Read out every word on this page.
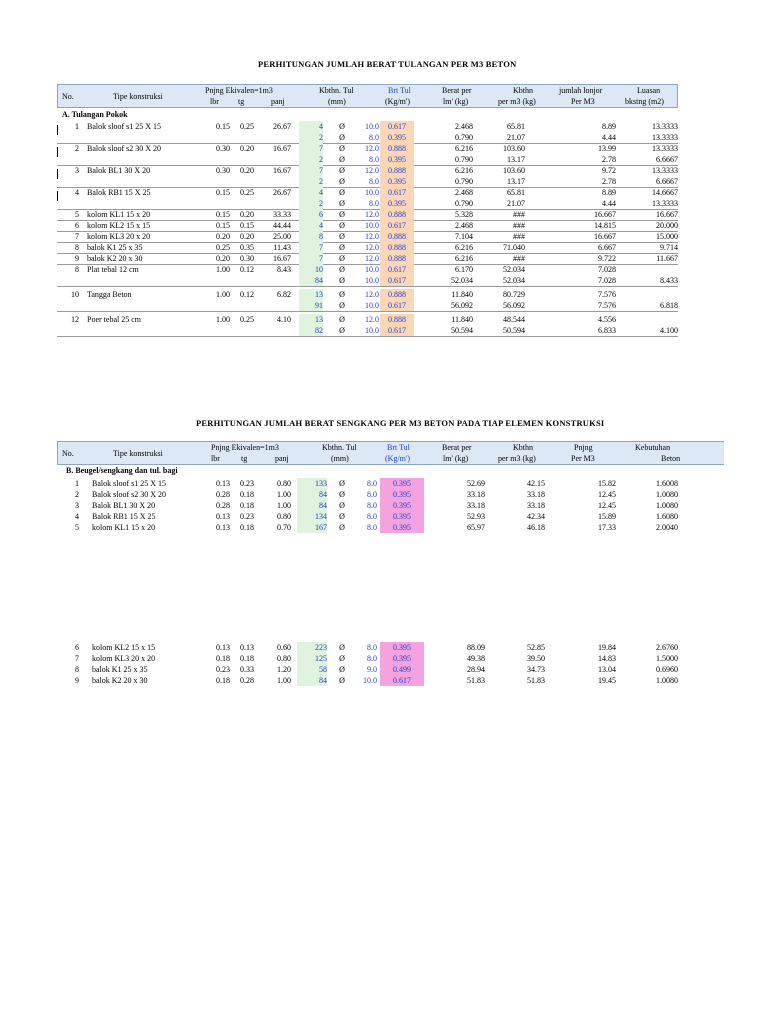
PERHITUNGAN JUMLAH BERAT TULANGAN PER M3 BETON
No.	Tipe konstruksi
Pnjng Ekivalen=1m3
lbr tg	panj
Kbthn. Tul
(mm)
Brt Tul
(Kg/m')
Berat per
lm' (kg)
Kbthn
per m3 (kg)
jumlah lonjor
Per M3
Luasan
bkstng (m2)
A. Tulangan Pokok
1 Balok sloof s1 25 X 15	0.15	0.25	26.67	4 Ø	10.0	0.617	2.468	65.81	8.89	13.3333
2 Ø	8.0	0.395	0.790	21.07	4.44	13.3333
2 Balok sloof s2 30 X 20	0.30	0.20	16.67	7 Ø	12.0	0.888	6.216	103.60	13.99	13.3333
2 Ø	8.0	0.395	0.790	13.17	2.78	6.6667
3 Balok BL1 30 X 20	0.30	0.20	16.67	7 Ø	12.0	0.888	6.216	103.60	9.72	13.3333
2 Ø	8.0	0.395	0.790	13.17	2.78	6.6667
4 Balok RB1 15 X 25	0.15	0.25	26.67	4 Ø	10.0	0.617	2.468	65.81	8.89	14.6667
2 Ø	8.0	0.395	0.790	21.07	4.44	13.3333
5 kolom KL1 15 x 20	0.15	0.20	33.33	6 Ø	12.0	0.888	5.328	###	16.667	16.667
6 kolom KL2 15 x 15	0.15	0.15	44.44	4 Ø	10.0	0.617	2.468	###	14.815	20.000
7 kolom KL3 20 x 20	0.20	0.20	25.00	8 Ø	12.0	0.888	7.104	###	16.667	15.000
8 balok K1 25 x 35	0.25	0.35	11.43	7 Ø	12.0	0.888	6.216	71.040	6.667	9.714
9 balok K2 20 x 30	0.20	0.30	16.67	7 Ø	12.0	0.888	6.216	###	9.722	11.667
8 Plat tebal 12 cm	1.00	0.12	8.43	10 Ø	10.0	0.617	6.170	52.034	7.028
84 Ø	10.0	0.617	52.034	52.034	7.028	8.433
10 Tangga Beton	1.00	0.12	6.82	13 Ø	12.0	0.888	11.840	80.729	7.576
91 Ø	10.0	0.617	56.092	56.092	7.576	6.818
12 Poer tebal 25 cm	1.00	0.25	4.10	13 Ø	12.0	0.888	11.840	48.544	4.556
82 Ø	10.0	0.617	50.594	50.594	6.833	4.100
PERHITUNGAN JUMLAH BERAT SENGKANG PER M3 BETON PADA TIAP ELEMEN KONSTRUKSI
No.	Tipe konstruksi
Pnjng Ekivalen=1m3
lbr	tg	panj
Kbthn. Tul
(mm)
Brt Tul
(Kg/m')
Berat per
lm' (kg)
Kbthn
per m3 (kg)
Pnjng
Per M3
Kebutuhan
Beton
B. Beugel/sengkang dan tul. bagi
1 Balok sloof s1 25 X 15	0.13	0.23	0.80	133 Ø	8.0	0.395	52.69	42.15	15.82	1.6008
2 Balok sloof s2 30 X 20	0.28	0.18	1.00	84 Ø	8.0	0.395	33.18	33.18	12.45	1.0080
3 Balok BL1 30 X 20	0.28	0.18	1.00	84 Ø	8.0	0.395	33.18	33.18	12.45	1.0080
4 Balok RB1 15 X 25	0.13	0.23	0.80	134 Ø	8.0	0.395	52.93	42.34	15.89	1.6080
5 kolom KL1 15 x 20	0.13	0.18	0.70	167 Ø	8.0	0.395	65.97	46.18	17.33	2.0040
6 kolom KL2 15 x 15	0.13	0.13	0.60	223 Ø	8.0	0.395	88.09	52.85	19.84	2.6760
7 kolom KL3 20 x 20	0.18	0.18	0.80	125 Ø	8.0	0.395	49.38	39.50	14.83	1.5000
8 balok K1 25 x 35	0.23	0.33	1.20	58 Ø	9.0	0.499	28.94	34.73	13.04	0.6960
9 balok K2 20 x 30	0.18	0.28	1.00	84 Ø	10.0	0.617	51.83	51.83	19.45	1.0080
